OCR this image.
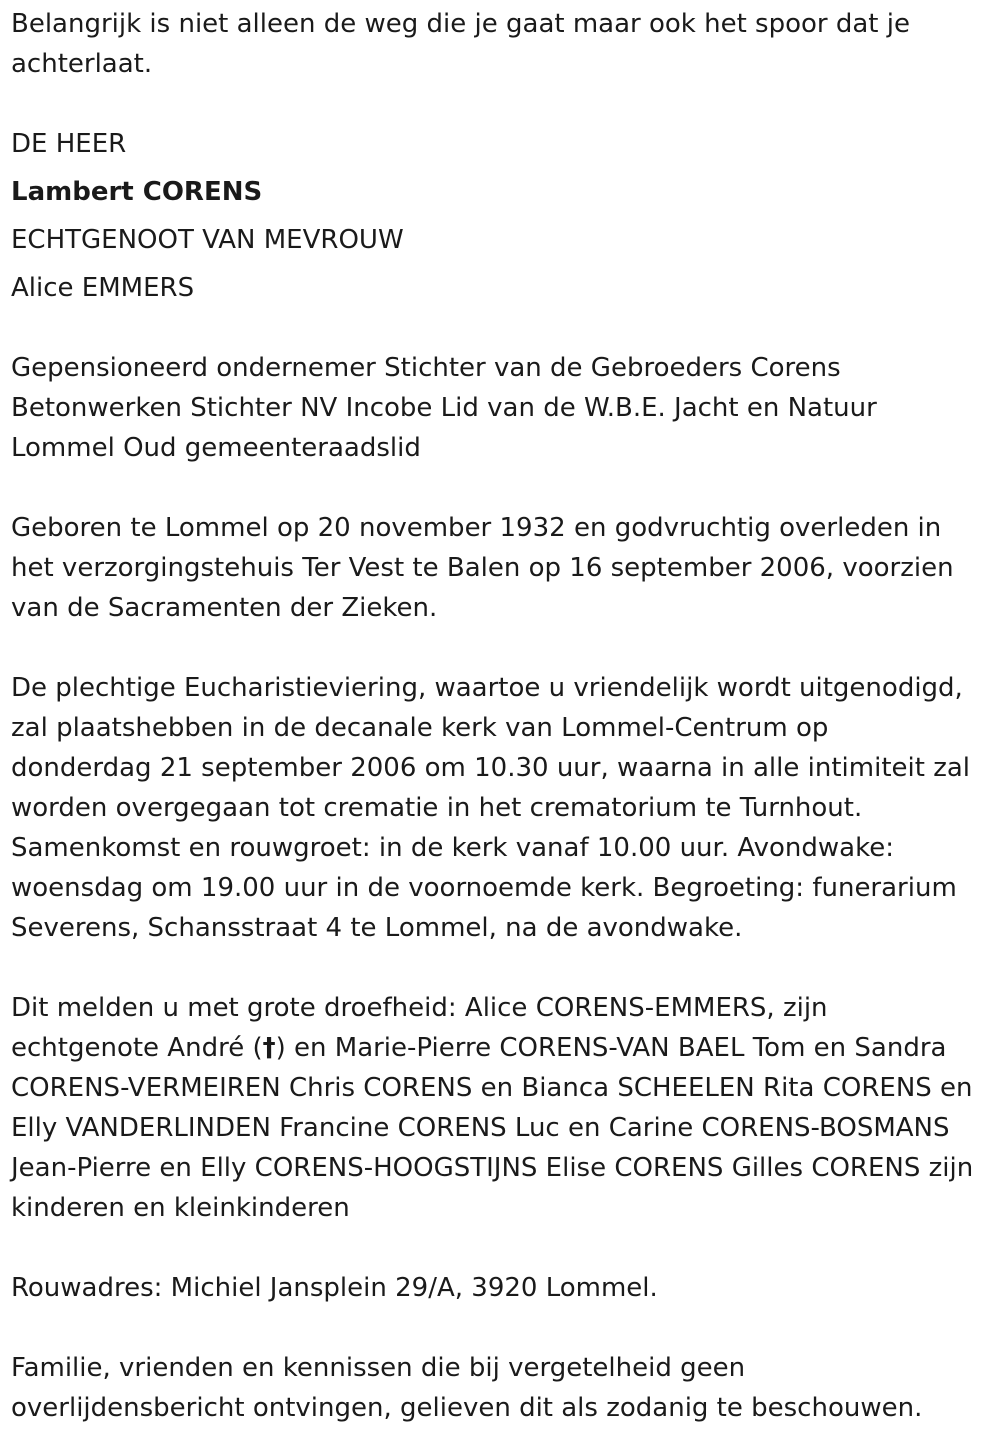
Belangrijk is niet alleen de weg die je gaat maar ook het spoor dat je
achterlaat.
DE HEER
Lambert CORENS
ECHTGENOOT VAN MEVROUW
Alice EMMERS
Gepensioneerd ondernemer Stichter van de Gebroeders Corens
Betonwerken Stichter NV Incobe Lid van de W.B.E. Jacht en Natuur
Lommel Oud gemeenteraadslid
Geboren te Lommel op 20 november 1932 en godvruchtig overleden in
het verzorgingstehuis Ter Vest te Balen op 16 september 2006, voorzien
van de Sacramenten der Zieken.
De plechtige Eucharistieviering, waartoe u vriendelijk wordt uitgenodigd,
zal plaatshebben in de decanale kerk van Lommel-Centrum op
donderdag 21 september 2006 om 10.30 uur, waarna in alle intimiteit zal
worden overgegaan tot crematie in het crematorium te Turnhout.
Samenkomst en rouwgroet: in de kerk vanaf 10.00 uur. Avondwake:
woensdag om 19.00 uur in de voornoemde kerk. Begroeting: funerarium
Severens, Schansstraat 4 te Lommel, na de avondwake.
Dit melden u met grote droefheid: Alice CORENS-EMMERS, zijn
echtgenote André (†) en Marie-Pierre CORENS-VAN BAEL Tom en Sandra
CORENS-VERMEIREN Chris CORENS en Bianca SCHEELEN Rita CORENS en
Elly VANDERLINDEN Francine CORENS Luc en Carine CORENS-BOSMANS
Jean-Pierre en Elly CORENS-HOOGSTIJNS Elise CORENS Gilles CORENS zijn
kinderen en kleinkinderen
Rouwadres: Michiel Jansplein 29/A, 3920 Lommel.
Familie, vrienden en kennissen die bij vergetelheid geen
overlijdensbericht ontvingen, gelieven dit als zodanig te beschouwen.
